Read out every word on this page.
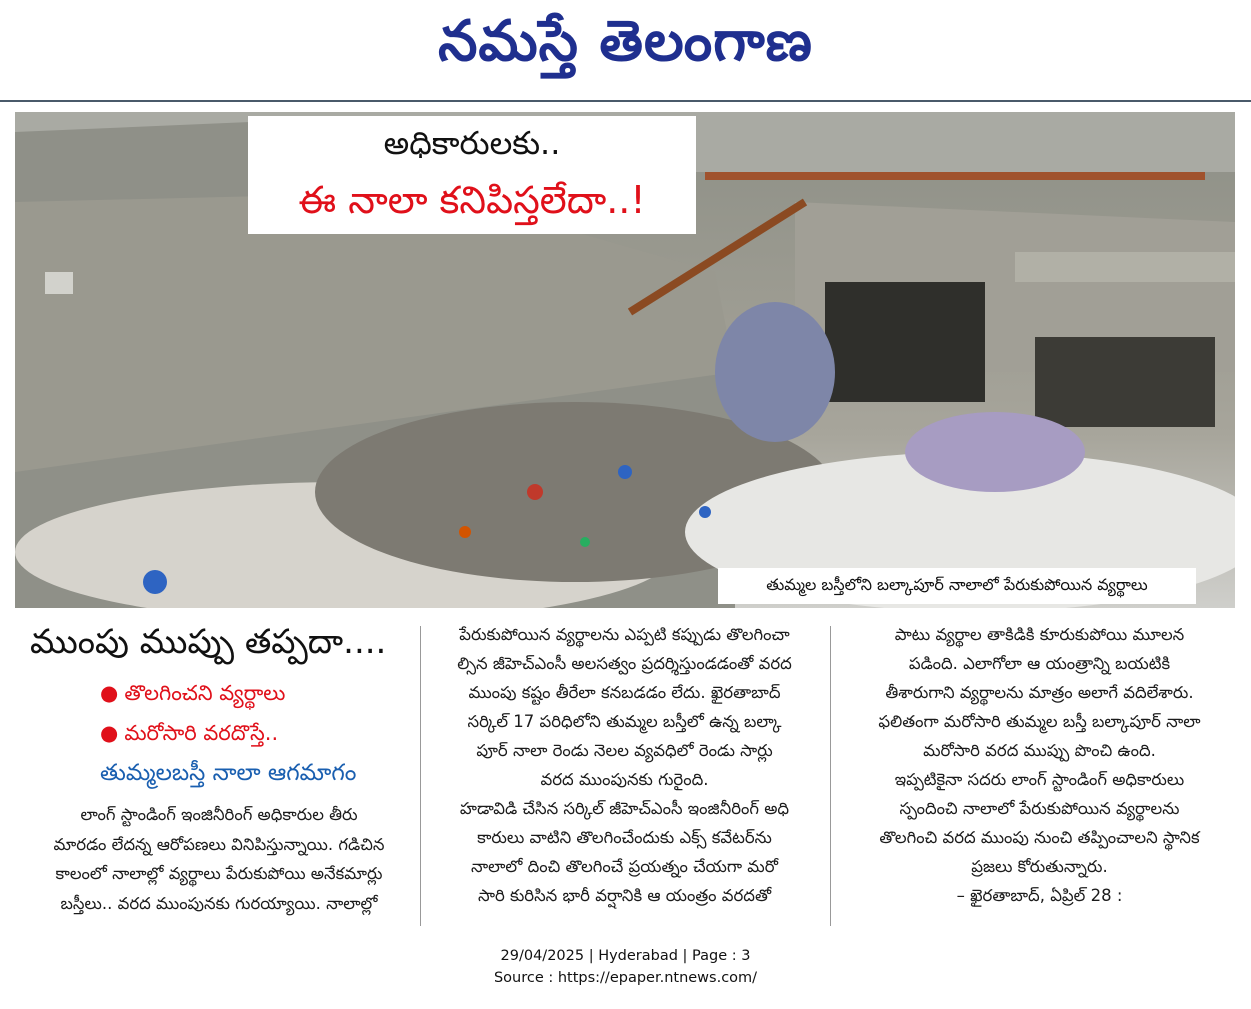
నమస్తే తెలంగాణ
అధికారులకు..
ఈ నాలా కనిపిస్తలేదా..!
తుమ్మల బస్తీలోని బల్కాపూర్ నాలాలో పేరుకుపోయిన వ్యర్థాలు
ముంపు ముప్పు తప్పదా....
● తొలగించని వ్యర్థాలు
● మరోసారి వరదొస్తే..
తుమ్మలబస్తీ నాలా ఆగమాగం

లాంగ్ స్టాండింగ్ ఇంజినీరింగ్ అధికారుల తీరు

మారడం లేదన్న ఆరోపణలు వినిపిస్తున్నాయి. గడిచిన

కాలంలో నాలాల్లో వ్యర్థాలు పేరుకుపోయి అనేకమార్లు

బస్తీలు.. వరద ముంపునకు గురయ్యాయి. నాలాల్లో

పేరుకుపోయిన వ్యర్థాలను ఎప్పటి కప్పుడు తొలగించా

ల్సిన జీహెచ్ఎంసీ అలసత్వం ప్రదర్శిస్తుండడంతో వరద

ముంపు కష్టం తీరేలా కనబడడం లేదు. ఖైరతాబాద్

సర్కిల్ 17 పరిధిలోని తుమ్మల బస్తీలో ఉన్న బల్కా

పూర్ నాలా రెండు నెలల వ్యవధిలో రెండు సార్లు

వరద ముంపునకు గురైంది.

హడావిడి చేసిన సర్కిల్ జీహెచ్ఎంసీ ఇంజినీరింగ్ అధి

కారులు వాటిని తొలగించేందుకు ఎక్స్ కవేటర్‌ను

నాలాలో దించి తొలగించే ప్రయత్నం చేయగా మరో

సారి కురిసిన భారీ వర్షానికి ఆ యంత్రం వరదతో

పాటు వ్యర్థాల తాకిడికి కూరుకుపోయి మూలన

పడింది. ఎలాగోలా ఆ యంత్రాన్ని బయటికి

తీశారుగాని వ్యర్థాలను మాత్రం అలాగే వదిలేశారు.

ఫలితంగా మరోసారి తుమ్మల బస్తీ బల్కాపూర్ నాలా

మరోసారి వరద ముప్పు పొంచి ఉంది.

ఇప్పటికైనా సదరు లాంగ్ స్టాండింగ్ అధికారులు

స్పందించి నాలాలో పేరుకుపోయిన వ్యర్థాలను

తొలగించి వరద ముంపు నుంచి తప్పించాలని స్థానిక

ప్రజలు కోరుతున్నారు.

– ఖైరతాబాద్, ఏప్రిల్ 28 :

29/04/2025 | Hyderabad | Page : 3
Source : https://epaper.ntnews.com/
